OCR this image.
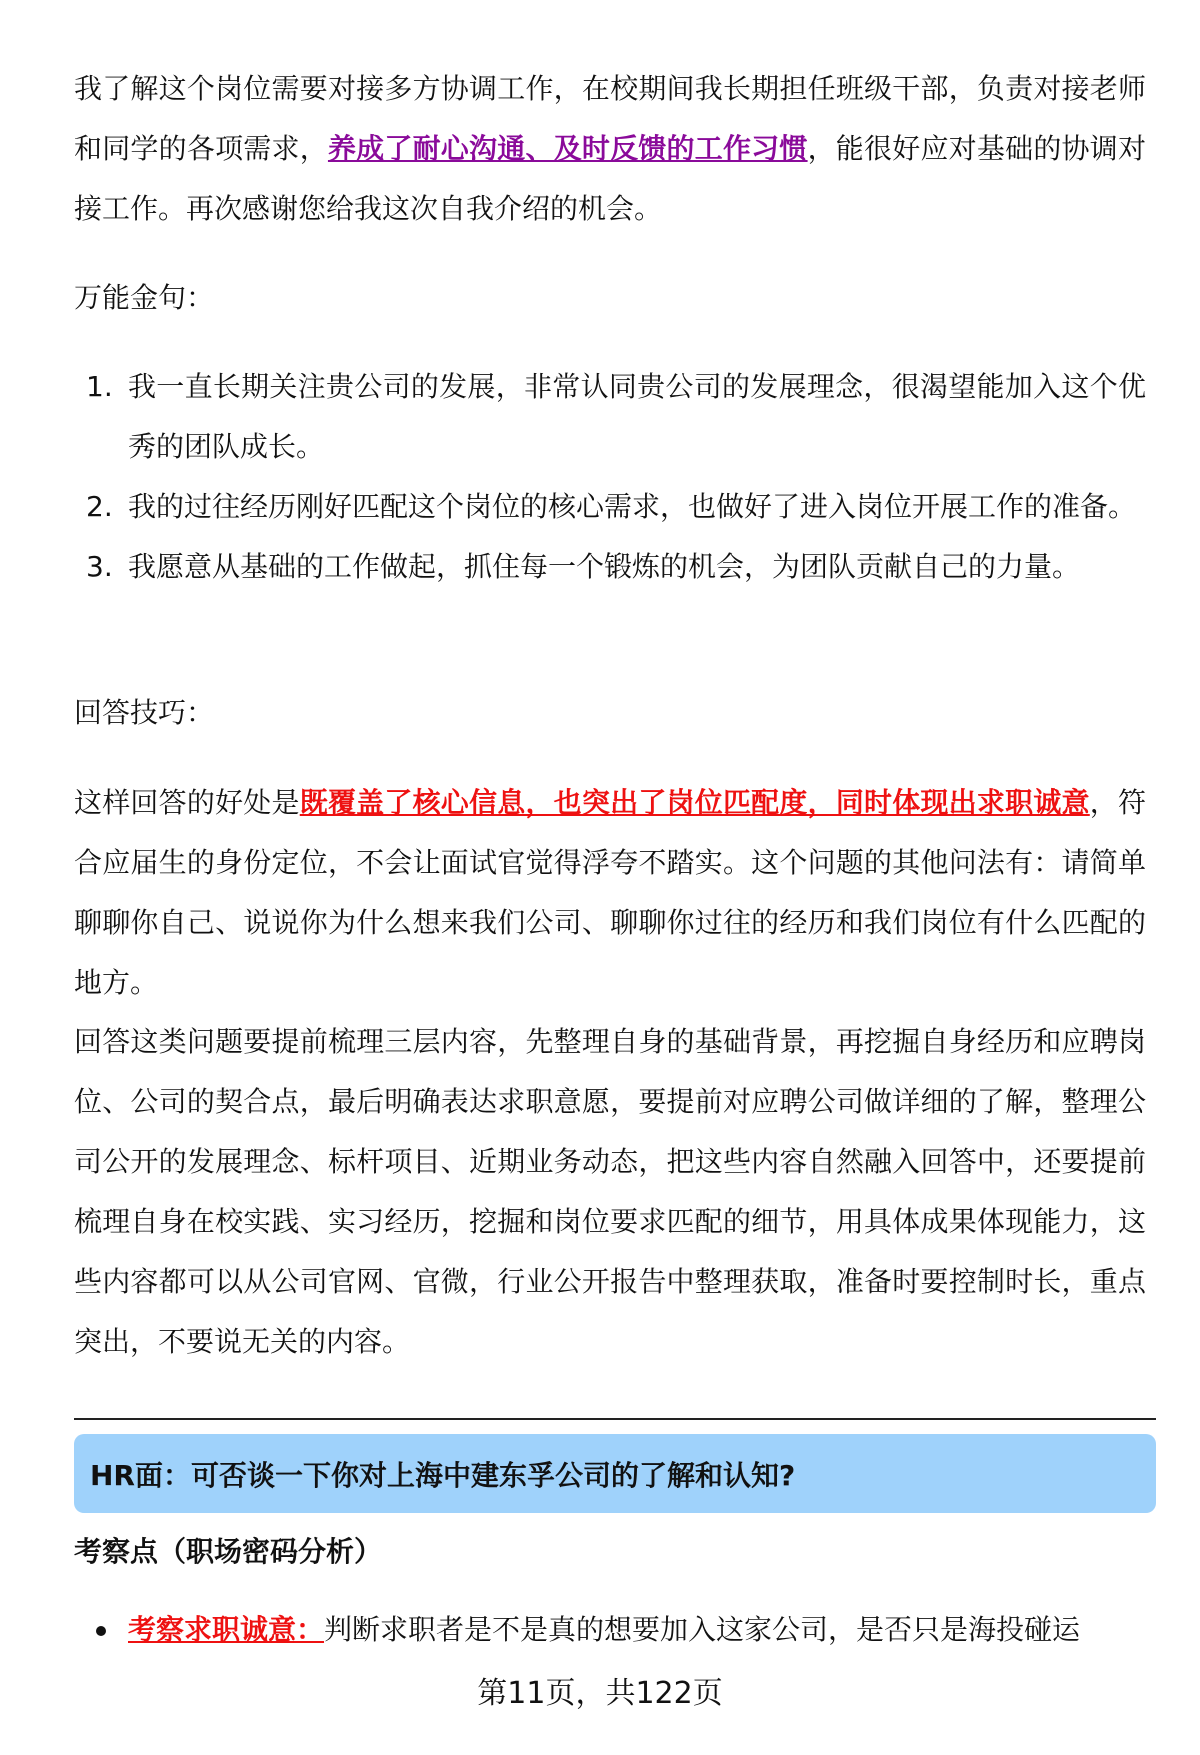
我了解这个岗位需要对接多方协调工作，在校期间我长期担任班级干部，负责对接老师和同学的各项需求，养成了耐心沟通、及时反馈的工作习惯，能很好应对基础的协调对接工作。再次感谢您给我这次自我介绍的机会。
万能金句：
1. 我一直长期关注贵公司的发展，非常认同贵公司的发展理念，很渴望能加入这个优秀的团队成长。
2. 我的过往经历刚好匹配这个岗位的核心需求，也做好了进入岗位开展工作的准备。
3. 我愿意从基础的工作做起，抓住每一个锻炼的机会，为团队贡献自己的力量。
回答技巧：
这样回答的好处是既覆盖了核心信息，也突出了岗位匹配度，同时体现出求职诚意，符合应届生的身份定位，不会让面试官觉得浮夸不踏实。这个问题的其他问法有：请简单聊聊你自己、说说你为什么想来我们公司、聊聊你过往的经历和我们岗位有什么匹配的地方。
回答这类问题要提前梳理三层内容，先整理自身的基础背景，再挖掘自身经历和应聘岗位、公司的契合点，最后明确表达求职意愿，要提前对应聘公司做详细的了解，整理公司公开的发展理念、标杆项目、近期业务动态，把这些内容自然融入回答中，还要提前梳理自身在校实践、实习经历，挖掘和岗位要求匹配的细节，用具体成果体现能力，这些内容都可以从公司官网、官微，行业公开报告中整理获取，准备时要控制时长，重点突出，不要说无关的内容。
HR面：可否谈一下你对上海中建东孚公司的了解和认知?
考察点（职场密码分析）
考察求职诚意：判断求职者是不是真的想要加入这家公司，是否只是海投碰运
第11页，共122页
